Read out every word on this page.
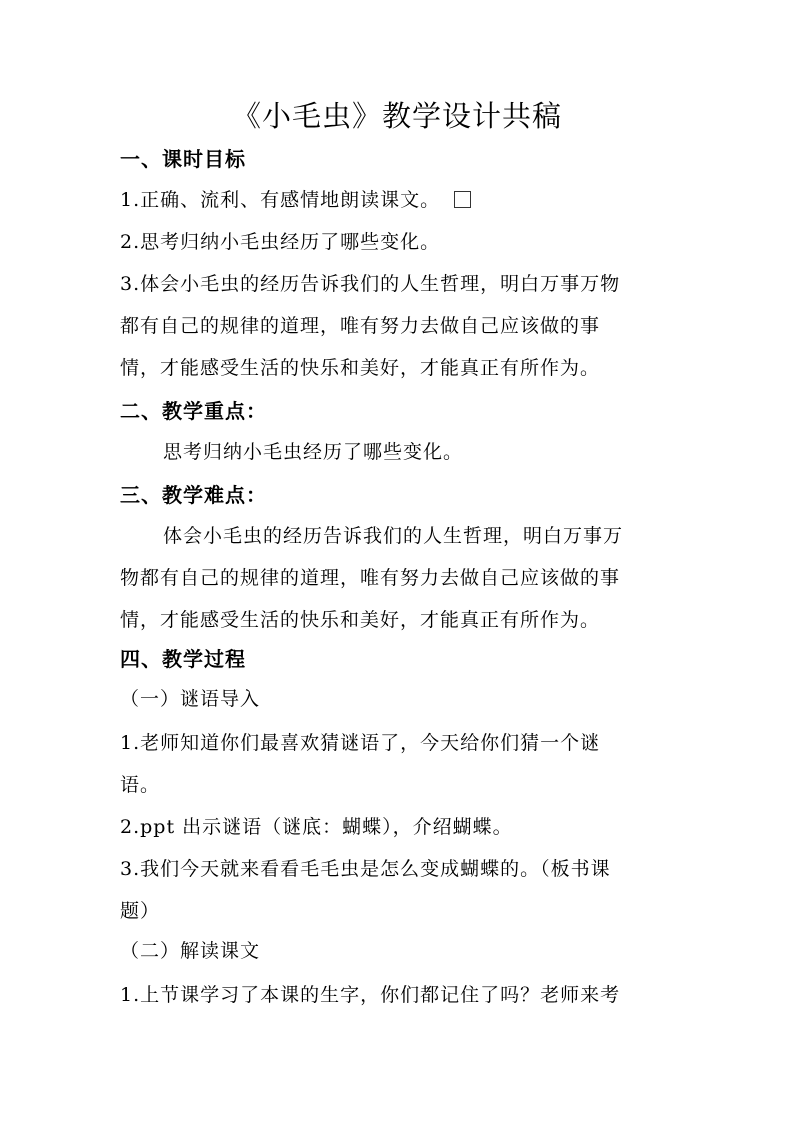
《小毛虫》教学设计共稿
一、课时目标
1.正确、流利、有感情地朗读课文。
2.思考归纳小毛虫经历了哪些变化。
3.体会小毛虫的经历告诉我们的人生哲理，明白万事万物
都有自己的规律的道理，唯有努力去做自己应该做的事
情，才能感受生活的快乐和美好，才能真正有所作为。
二、教学重点：
思考归纳小毛虫经历了哪些变化。
三、教学难点：
体会小毛虫的经历告诉我们的人生哲理，明白万事万
物都有自己的规律的道理，唯有努力去做自己应该做的事
情，才能感受生活的快乐和美好，才能真正有所作为。
四、教学过程
（一）谜语导入
1.老师知道你们最喜欢猜谜语了，今天给你们猜一个谜
语。
2.ppt 出示谜语（谜底：蝴蝶），介绍蝴蝶。
3.我们今天就来看看毛毛虫是怎么变成蝴蝶的。（板书课
题）
（二）解读课文
1.上节课学习了本课的生字，你们都记住了吗？老师来考
